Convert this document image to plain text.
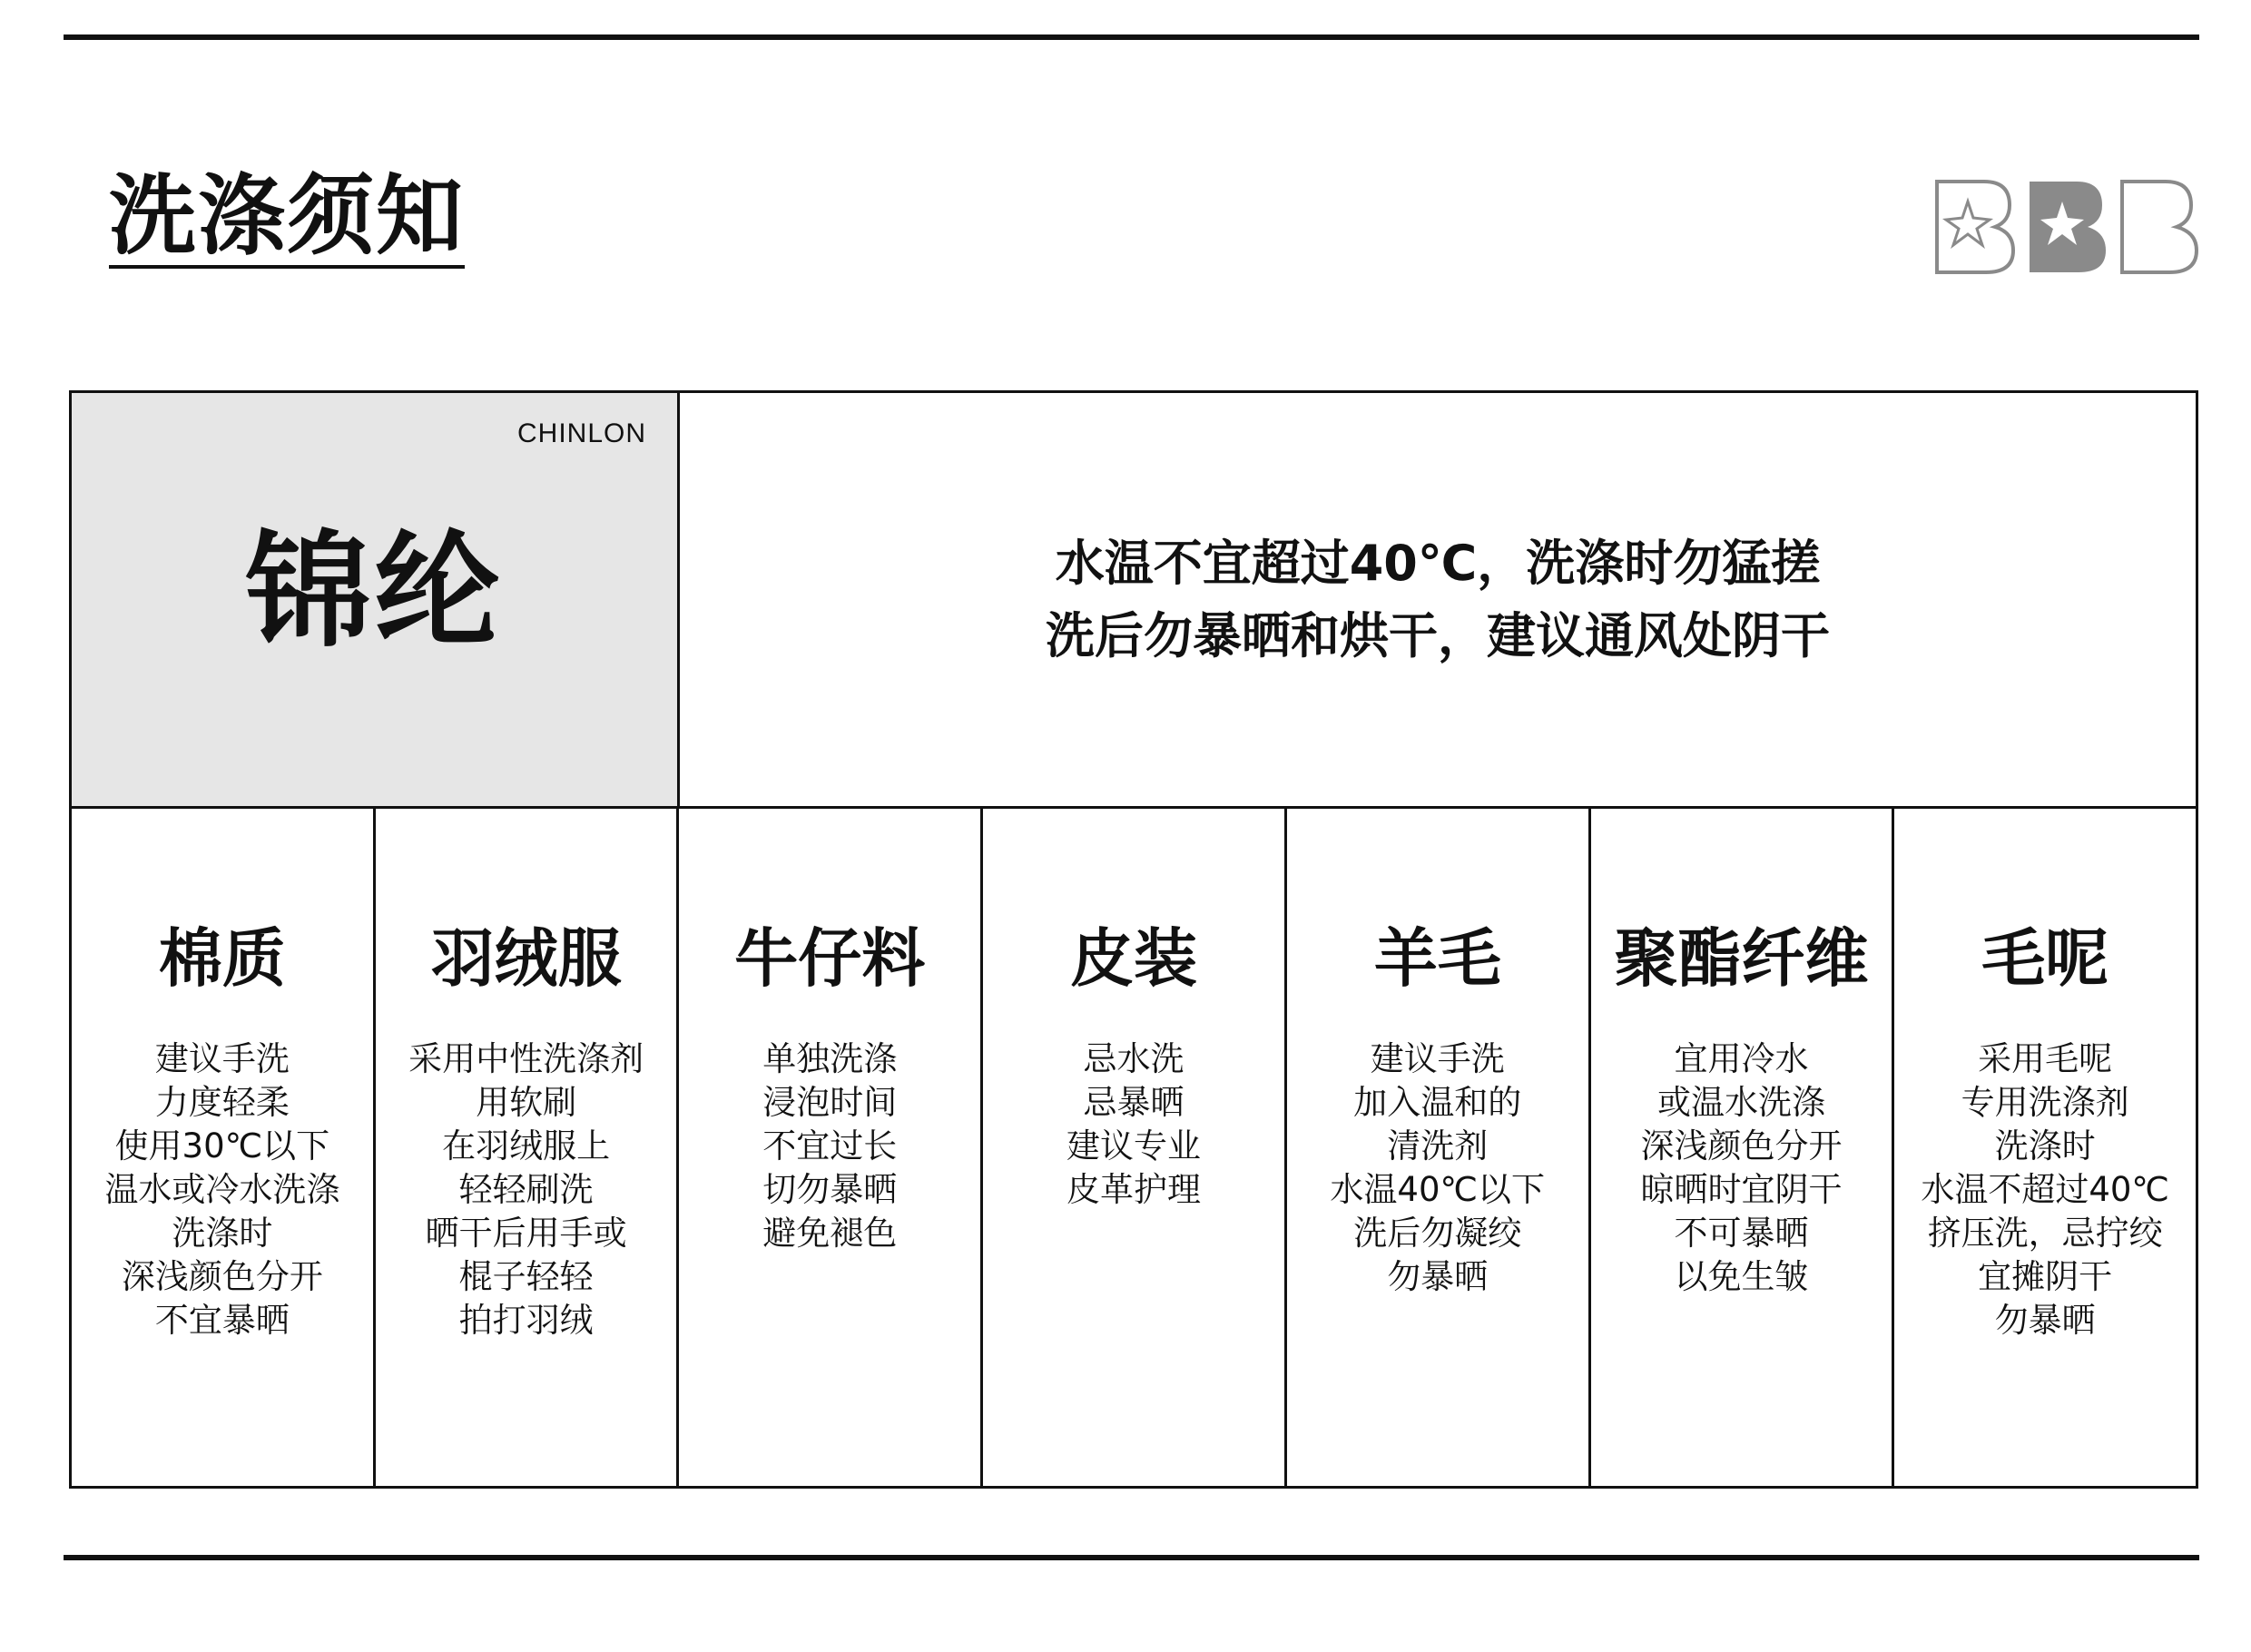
洗涤须知
CHINLON
锦纶	水温不宜超过40℃，洗涤时勿猛搓
洗后勿暴晒和烘干，建议通风处阴干
棉质
建议手洗
力度轻柔
使用30℃以下
温水或冷水洗涤
洗涤时
深浅颜色分开
不宜暴晒
羽绒服
采用中性洗涤剂
用软刷
在羽绒服上
轻轻刷洗
晒干后用手或
棍子轻轻
拍打羽绒
牛仔料
单独洗涤
浸泡时间
不宜过长
切勿暴晒
避免褪色
皮装
忌水洗
忌暴晒
建议专业
皮革护理
羊毛
建议手洗
加入温和的
清洗剂
水温40℃以下
洗后勿凝绞
勿暴晒
聚酯纤维
宜用冷水
或温水洗涤
深浅颜色分开
晾晒时宜阴干
不可暴晒
以免生皱
毛呢
采用毛呢
专用洗涤剂
洗涤时
水温不超过40℃
挤压洗，忌拧绞
宜摊阴干
勿暴晒
